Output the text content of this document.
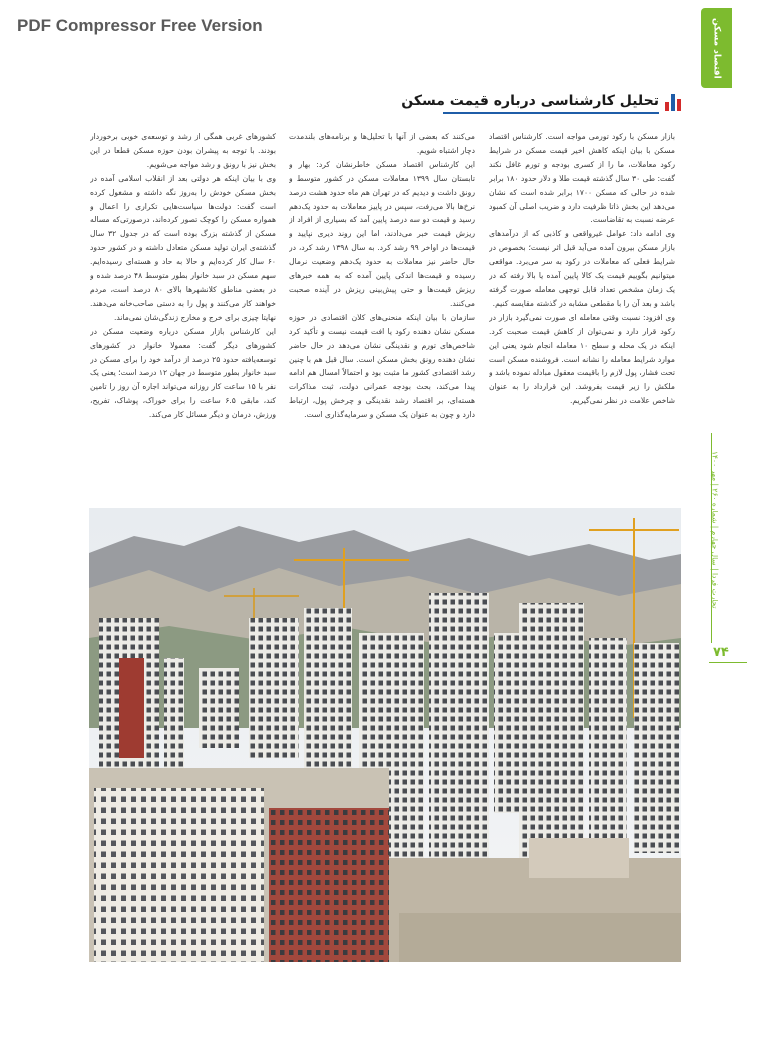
PDF Compressor Free Version	اقتصاد مسکن
تحلیل کارشناسی درباره قیمت مسکن

بازار مسکن با رکود تورمی مواجه است. کارشناس اقتصاد مسکن با بیان اینکه کاهش اخیر قیمت مسکن در شرایط رکود معاملات، ما را از کسری بودجه و تورم غافل نکند گفت: طی ۳۰ سال گذشته قیمت طلا و دلار حدود ۱۸۰ برابر شده در حالی که مسکن ۱۷۰۰ برابر شده است که نشان می‌دهد این بخش ذاتا ظرفیت دارد و ضریب اصلی آن کمبود عرضه نسبت به تقاضاست.

وی ادامه داد: عوامل غیرواقعی و کاذبی که از درآمدهای بازار مسکن بیرون آمده می‌آید قبل اثر نیست؛ بخصوص در شرایط فعلی که معاملات در رکود به سر می‌برد. مواقعی میتوانیم بگوییم قیمت یک کالا پایین آمده یا بالا رفته که در یک زمان مشخص تعداد قابل توجهی معامله صورت گرفته باشد و بعد آن را با مقطعی مشابه در گذشته مقایسه کنیم.

وی افزود: نسبت وقتی معامله ای صورت نمی‌گیرد بازار در رکود قرار دارد و نمی‌توان از کاهش قیمت صحبت کرد. اینکه در یک محله و سطح ۱۰ معامله انجام شود یعنی این موارد شرایط معامله را نشانه است. فروشنده مسکن است تحت فشار، پول لازم را باقیمت معقول مبادله نموده باشد و ملکش را زیر قیمت بفروشد. این قرارداد را به عنوان شاخص علامت در نظر نمی‌گیریم.

می‌کنند که بعضی از آنها با تحلیل‌ها و برنامه‌های بلندمدت دچار اشتباه شویم.

این کارشناس اقتصاد مسکن خاطرنشان کرد: بهار و تابستان سال ۱۳۹۹ معاملات مسکن در کشور متوسط و رونق داشت و دیدیم که در تهران هم ماه حدود هشت درصد نرخ‌ها بالا می‌رفت، سپس در پاییز معاملات به حدود یک‌دهم رسید و قیمت دو سه درصد پایین آمد که بسیاری از افراد از ریزش قیمت خبر می‌دادند، اما این روند دیری نپایید و قیمت‌ها در اواخر ۹۹ رشد کرد. به سال ۱۳۹۸ رشد کرد، در حال حاضر نیز معاملات به حدود یک‌دهم وضعیت نرمال رسیده و قیمت‌ها اندکی پایین آمده که به همه خبرهای ریزش قیمت‌ها و حتی پیش‌بینی ریزش در آینده صحبت می‌کنند.

سازمان با بیان اینکه منحنی‌های کلان اقتصادی در حوزه مسکن نشان دهنده رکود یا افت قیمت نیست و تأکید کرد شاخص‌های تورم و نقدینگی نشان می‌دهد در حال حاضر نشان دهنده رونق بخش مسکن است. سال قبل هم با چنین رشد اقتصادی کشور ما مثبت بود و احتمالاً امسال هم ادامه پیدا می‌کند، بحث بودجه عمرانی دولت، ثبت مذاکرات هسته‌ای، بر اقتصاد رشد نقدینگی و چرخش پول، ارتباط دارد و چون به عنوان یک مسکن و سرمایه‌گذاری است.

کشورهای غربی همگی از رشد و توسعه‌ی خوبی برخوردار بودند. با توجه به پیشران بودن حوزه مسکن قطعا در این بخش نیز با رونق و رشد مواجه می‌شویم.

وی با بیان اینکه هر دولتی بعد از انقلاب اسلامی آمده در بخش مسکن خودش را به‌روز نگه داشته و مشغول کرده است گفت: دولت‌ها سیاست‌هایی تکراری را اعمال و همواره مسکن را کوچک تصور کرده‌اند، درصورتی‌که مساله مسکن از گذشته بزرگ بوده است که در جدول ۳۲ سال گذشته‌ی ایران تولید مسکن متعادل داشته و در کشور حدود ۶۰ سال کار کرده‌ایم و حالا به حاد و هسته‌ای رسیده‌ایم. سهم مسکن در سبد خانوار بطور متوسط ۴۸ درصد شده و در بعضی مناطق کلانشهرها بالای ۸۰ درصد است، مردم خواهند کار می‌کنند و پول را به دستی صاحب‌خانه می‌دهند. نهایتا چیزی برای خرج و مخارج زندگی‌شان نمی‌ماند.

این کارشناس بازار مسکن درباره وضعیت مسکن در کشورهای دیگر گفت: معمولا خانوار در کشورهای توسعه‌یافته حدود ۲۵ درصد از درآمد خود را برای مسکن در سبد خانوار بطور متوسط در جهان ۱۲ درصد است؛ یعنی یک نفر با ۱۵ ساعت کار روزانه می‌تواند اجاره آن روز را تامین کند، مابقی ۶.۵ ساعت را برای خوراک، پوشاک، تفریح، ورزش، درمان و دیگر مسائل کار می‌کند.

تجارت فردا | سال چهارم | شماره ۲۶۰ | مهر ۱۴۰۰
۷۴
